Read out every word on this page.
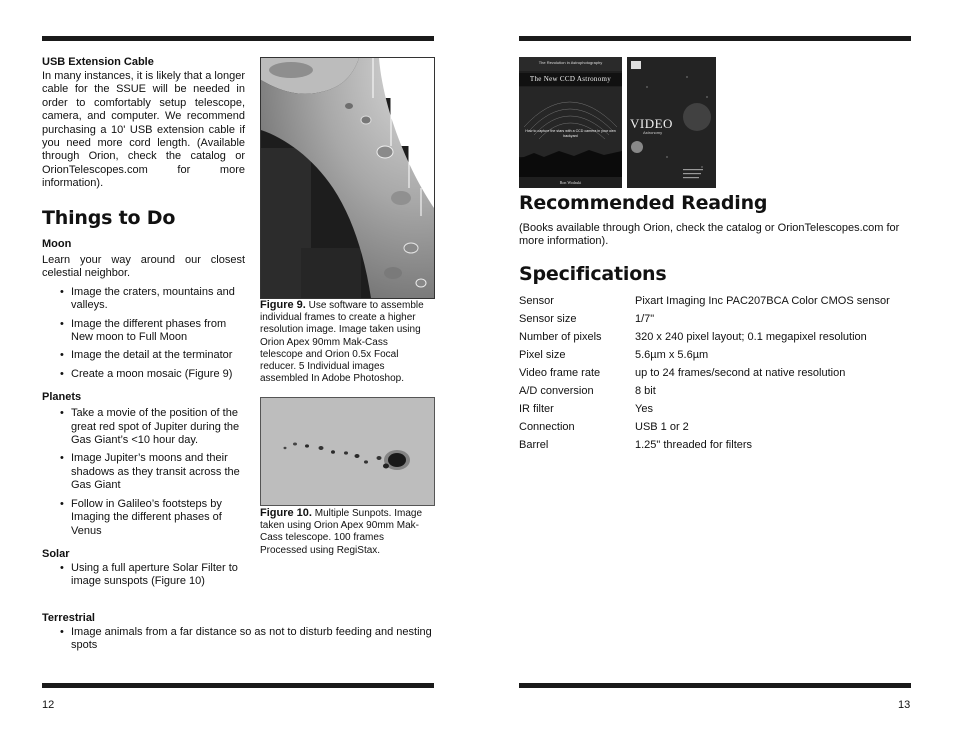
USB Extension Cable

In many instances, it is likely that a longer cable for the SSUE will be needed in order to comfortably setup telescope, camera, and computer. We recommend purchasing a 10' USB extension cable if you need more cord length. (Available through Orion, check the catalog or OrionTelescopes.com for more information).

Things to Do

Moon

Learn your way around our closest celestial neighbor.

• Image the craters, mountains and valleys.
• Image the different phases from New moon to Full Moon
• Image the detail at the terminator
• Create a moon mosaic (Figure 9)

Planets

• Take a movie of the position of the great red spot of Jupiter during the Gas Giant’s <10 hour day.
• Image Jupiter’s moons and their shadows as they transit across the Gas Giant
• Follow in Galileo’s footsteps by Imaging the different phases of Venus

Solar

• Using a full aperture Solar Filter to image sunspots (Figure 10)

Terrestrial

• Image animals from a far distance so as not to disturb feeding and nesting spots

Figure 9. Use software to assemble individual frames to create a higher resolution image. Image taken using Orion Apex 90mm Mak-Cass telescope and Orion 0.5x Focal reducer. 5 Individual images assembled In Adobe Photoshop.

Figure 10. Multiple Sunpots. Image taken using Orion Apex 90mm Mak-Cass telescope. 100 frames Processed using RegiStax.

12
The Revolution in Astrophotography
The New CCD Astronomy
How to capture the stars with a CCD camera in your own backyard
Ron Wodaski
VIDEO
Astronomy
Recommended Reading

(Books available through Orion, check the catalog or OrionTelescopes.com for more information).

Specifications
Sensor	Pixart Imaging Inc PAC207BCA Color CMOS sensor
Sensor size	1/7"
Number of pixels	320 x 240 pixel layout; 0.1 megapixel resolution
Pixel size	5.6µm x 5.6µm
Video frame rate	up to 24 frames/second at native resolution
A/D conversion	8 bit
IR filter	Yes
Connection	USB 1 or 2
Barrel	1.25" threaded for filters
13
